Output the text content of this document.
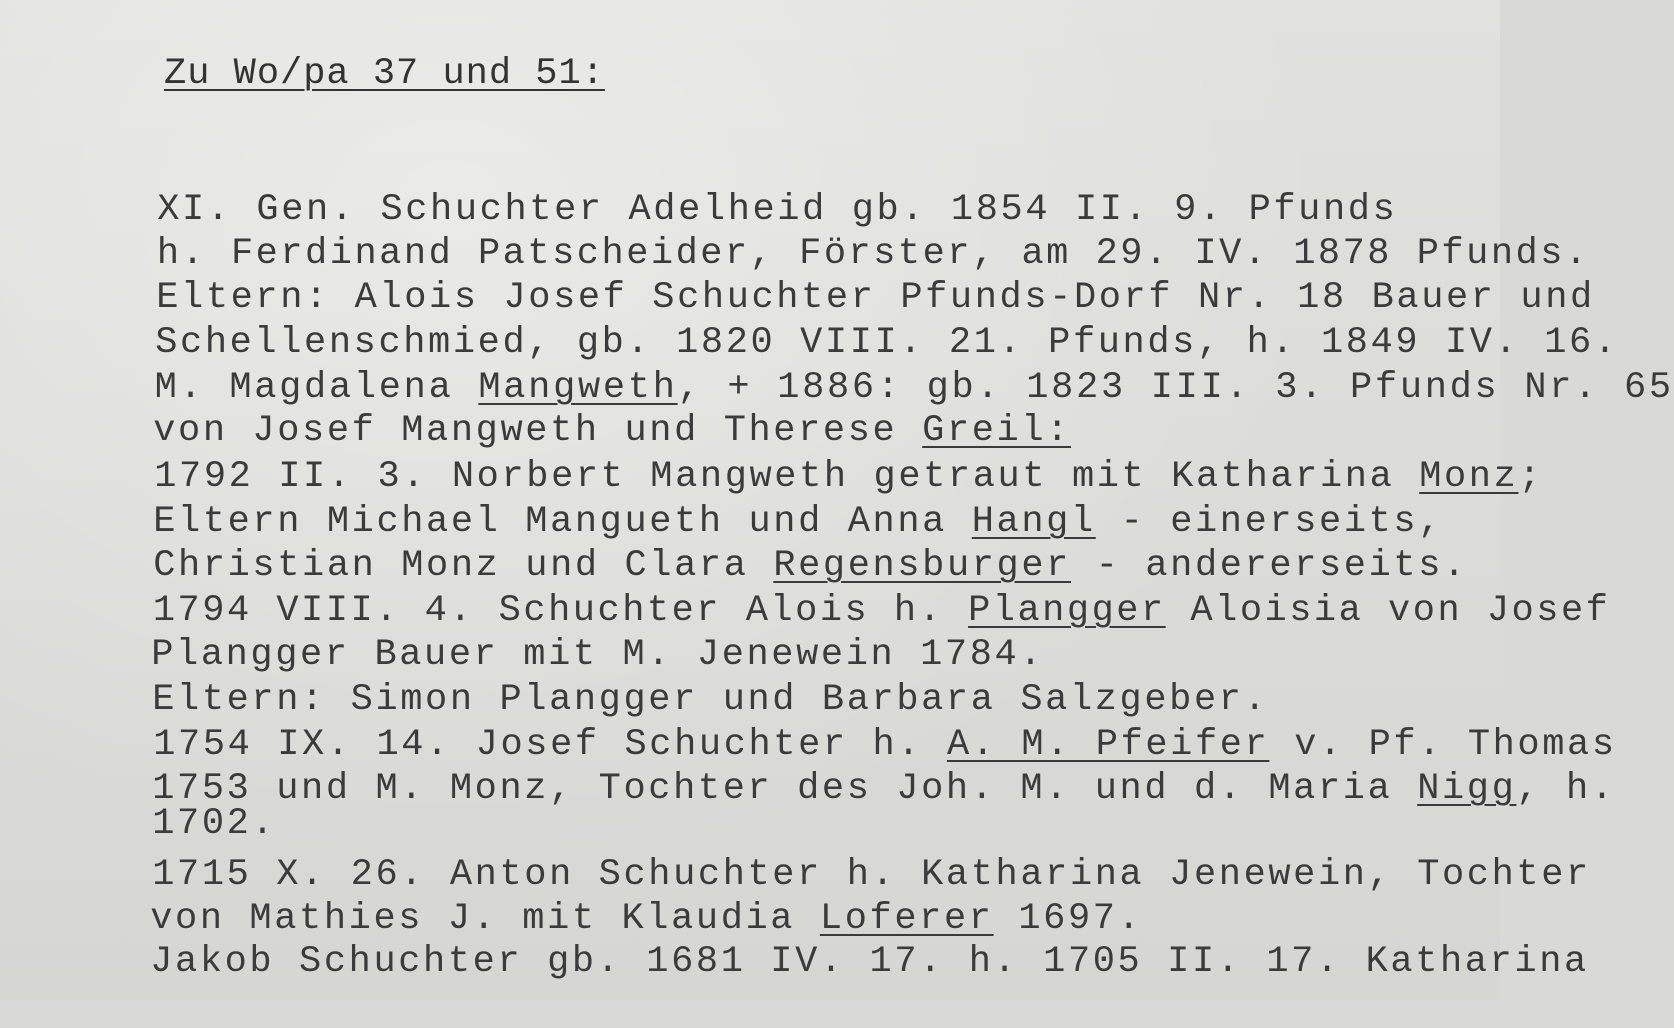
Zu Wo/pa 37 und 51:

XI. Gen. Schuchter Adelheid gb. 1854 II. 9. Pfunds

h. Ferdinand Patscheider, Förster, am 29. IV. 1878 Pfunds.

Eltern: Alois Josef Schuchter Pfunds-Dorf Nr. 18 Bauer und

Schellenschmied, gb. 1820 VIII. 21. Pfunds, h. 1849 IV. 16.

M. Magdalena Mangweth, + 1886: gb. 1823 III. 3. Pfunds Nr. 65

von Josef Mangweth und Therese Greil:

1792 II. 3. Norbert Mangweth getraut mit Katharina Monz;

Eltern Michael Mangueth und Anna Hangl - einerseits,

Christian Monz und Clara Regensburger - andererseits.

1794 VIII. 4. Schuchter Alois h. Plangger Aloisia von Josef

Plangger Bauer mit M. Jenewein 1784.

Eltern: Simon Plangger und Barbara Salzgeber.

1754 IX. 14. Josef Schuchter h. A. M. Pfeifer v. Pf. Thomas

1753 und M. Monz, Tochter des Joh. M. und d. Maria Nigg, h.

1702.

1715 X. 26. Anton Schuchter h. Katharina Jenewein, Tochter

von Mathies J. mit Klaudia Loferer 1697.

Jakob Schuchter gb. 1681 IV. 17. h. 1705 II. 17. Katharina
